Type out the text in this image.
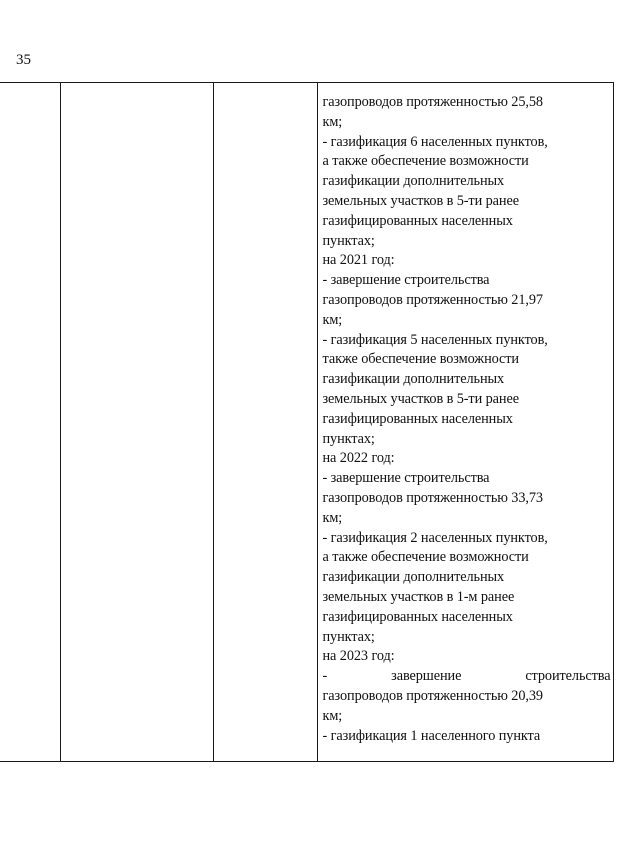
35

газопроводов протяженностью 25,58
км;
- газификация 6 населенных пунктов,
а также обеспечение возможности
газификации дополнительных
земельных участков в 5-ти ранее
газифицированных населенных
пунктах;
на 2021 год:
- завершение строительства
газопроводов протяженностью 21,97
км;
- газификация 5 населенных пунктов,
также обеспечение возможности
газификации дополнительных
земельных участков в 5-ти ранее
газифицированных населенных
пунктах;
на 2022 год:
- завершение строительства
газопроводов протяженностью 33,73
км;
- газификация 2 населенных пунктов,
а также обеспечение возможности
газификации дополнительных
земельных участков в 1-м ранее
газифицированных населенных
пунктах;
на 2023 год:
-	завершение	строительства
газопроводов протяженностью 20,39
км;
- газификация 1 населенного пункта
